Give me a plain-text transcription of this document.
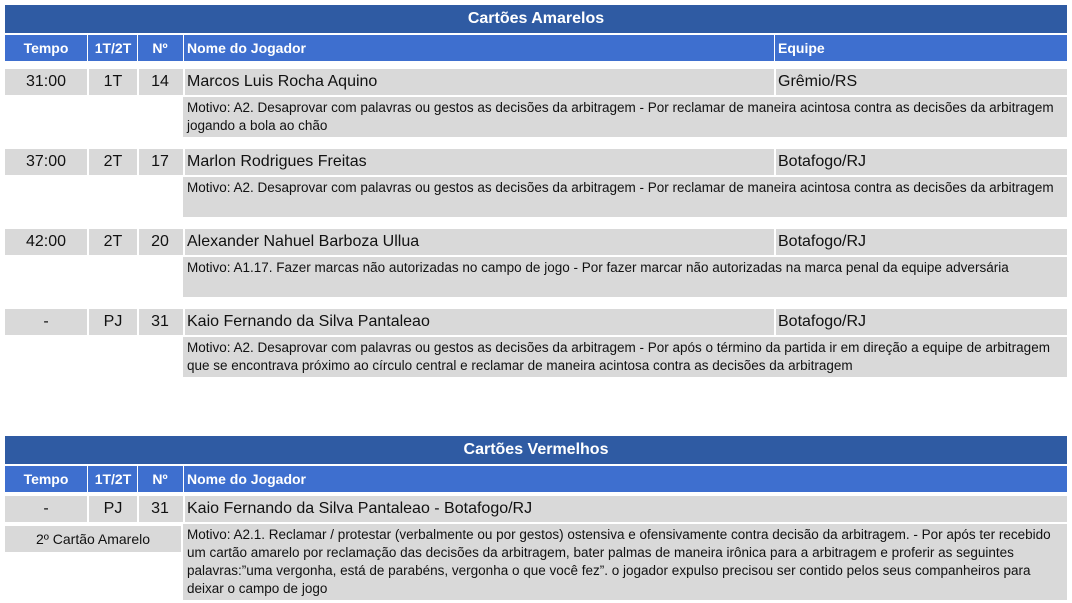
Cartões Amarelos
Tempo	1T/2T	Nº	Nome do Jogador	Equipe
31:00	1T	14	Marcos Luis Rocha Aquino	Grêmio/RS
Motivo: A2. Desaprovar com palavras ou gestos as decisões da arbitragem - Por reclamar de maneira acintosa contra as decisões da arbitragem jogando a bola ao chão
37:00	2T	17	Marlon Rodrigues Freitas	Botafogo/RJ
Motivo: A2. Desaprovar com palavras ou gestos as decisões da arbitragem - Por reclamar de maneira acintosa contra as decisões da arbitragem
42:00	2T	20	Alexander Nahuel Barboza Ullua	Botafogo/RJ
Motivo: A1.17. Fazer marcas não autorizadas no campo de jogo - Por fazer marcar não autorizadas na marca penal da equipe adversária
-	PJ	31	Kaio Fernando da Silva Pantaleao	Botafogo/RJ
Motivo: A2. Desaprovar com palavras ou gestos as decisões da arbitragem - Por após o término da partida ir em direção a equipe de arbitragem que se encontrava próximo ao círculo central e reclamar de maneira acintosa contra as decisões da arbitragem
Cartões Vermelhos
Tempo	1T/2T	Nº	Nome do Jogador
-	PJ	31	Kaio Fernando da Silva Pantaleao - Botafogo/RJ
2º Cartão Amarelo	Motivo: A2.1. Reclamar / protestar (verbalmente ou por gestos) ostensiva e ofensivamente contra decisão da arbitragem. - Por após ter recebido um cartão amarelo por reclamação das decisões da arbitragem, bater palmas de maneira irônica para a arbitragem e proferir as seguintes palavras:”uma vergonha, está de parabéns, vergonha o que você fez”. o jogador expulso precisou ser contido pelos seus companheiros para deixar o campo de jogo
